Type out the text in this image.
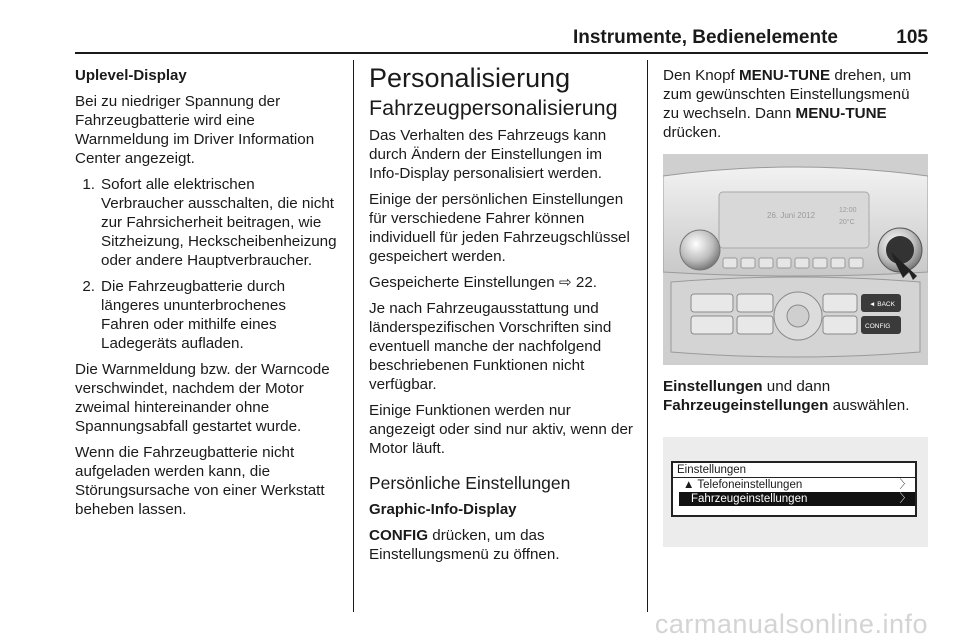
Instrumente, Bedienelemente	105

Uplevel-Display

Bei zu niedriger Spannung der Fahrzeugbatterie wird eine Warnmeldung im Driver Information Center angezeigt.

1. Sofort alle elektrischen Verbraucher ausschalten, die nicht zur Fahrsicherheit beitragen, wie Sitzheizung, Heckscheibenheizung oder andere Hauptverbraucher.
2. Die Fahrzeugbatterie durch längeres ununterbrochenes Fahren oder mithilfe eines Ladegeräts aufladen.

Die Warnmeldung bzw. der Warncode verschwindet, nachdem der Motor zweimal hintereinander ohne Spannungsabfall gestartet wurde.

Wenn die Fahrzeugbatterie nicht aufgeladen werden kann, die Störungsursache von einer Werkstatt beheben lassen.

Personalisierung
Fahrzeugpersonalisierung

Das Verhalten des Fahrzeugs kann durch Ändern der Einstellungen im Info-Display personalisiert werden.

Einige der persönlichen Einstellungen für verschiedene Fahrer können individuell für jeden Fahrzeugschlüssel gespeichert werden.

Gespeicherte Einstellungen ⇨ 22.

Je nach Fahrzeugausstattung und länderspezifischen Vorschriften sind eventuell manche der nachfolgend beschriebenen Funktionen nicht verfügbar.

Einige Funktionen werden nur angezeigt oder sind nur aktiv, wenn der Motor läuft.

Persönliche Einstellungen

Graphic-Info-Display

CONFIG drücken, um das Einstellungsmenü zu öffnen.

Den Knopf MENU-TUNE drehen, um zum gewünschten Einstellungsmenü zu wechseln. Dann MENU-TUNE drücken.

26. Juni 2012
12:00
20°C
◄ BACK
CONFIG

Einstellungen und dann Fahrzeugeinstellungen auswählen.

Einstellungen
▲ Telefoneinstellungen	〉
Fahrzeugeinstellungen	〉
carmanualsonline.info
